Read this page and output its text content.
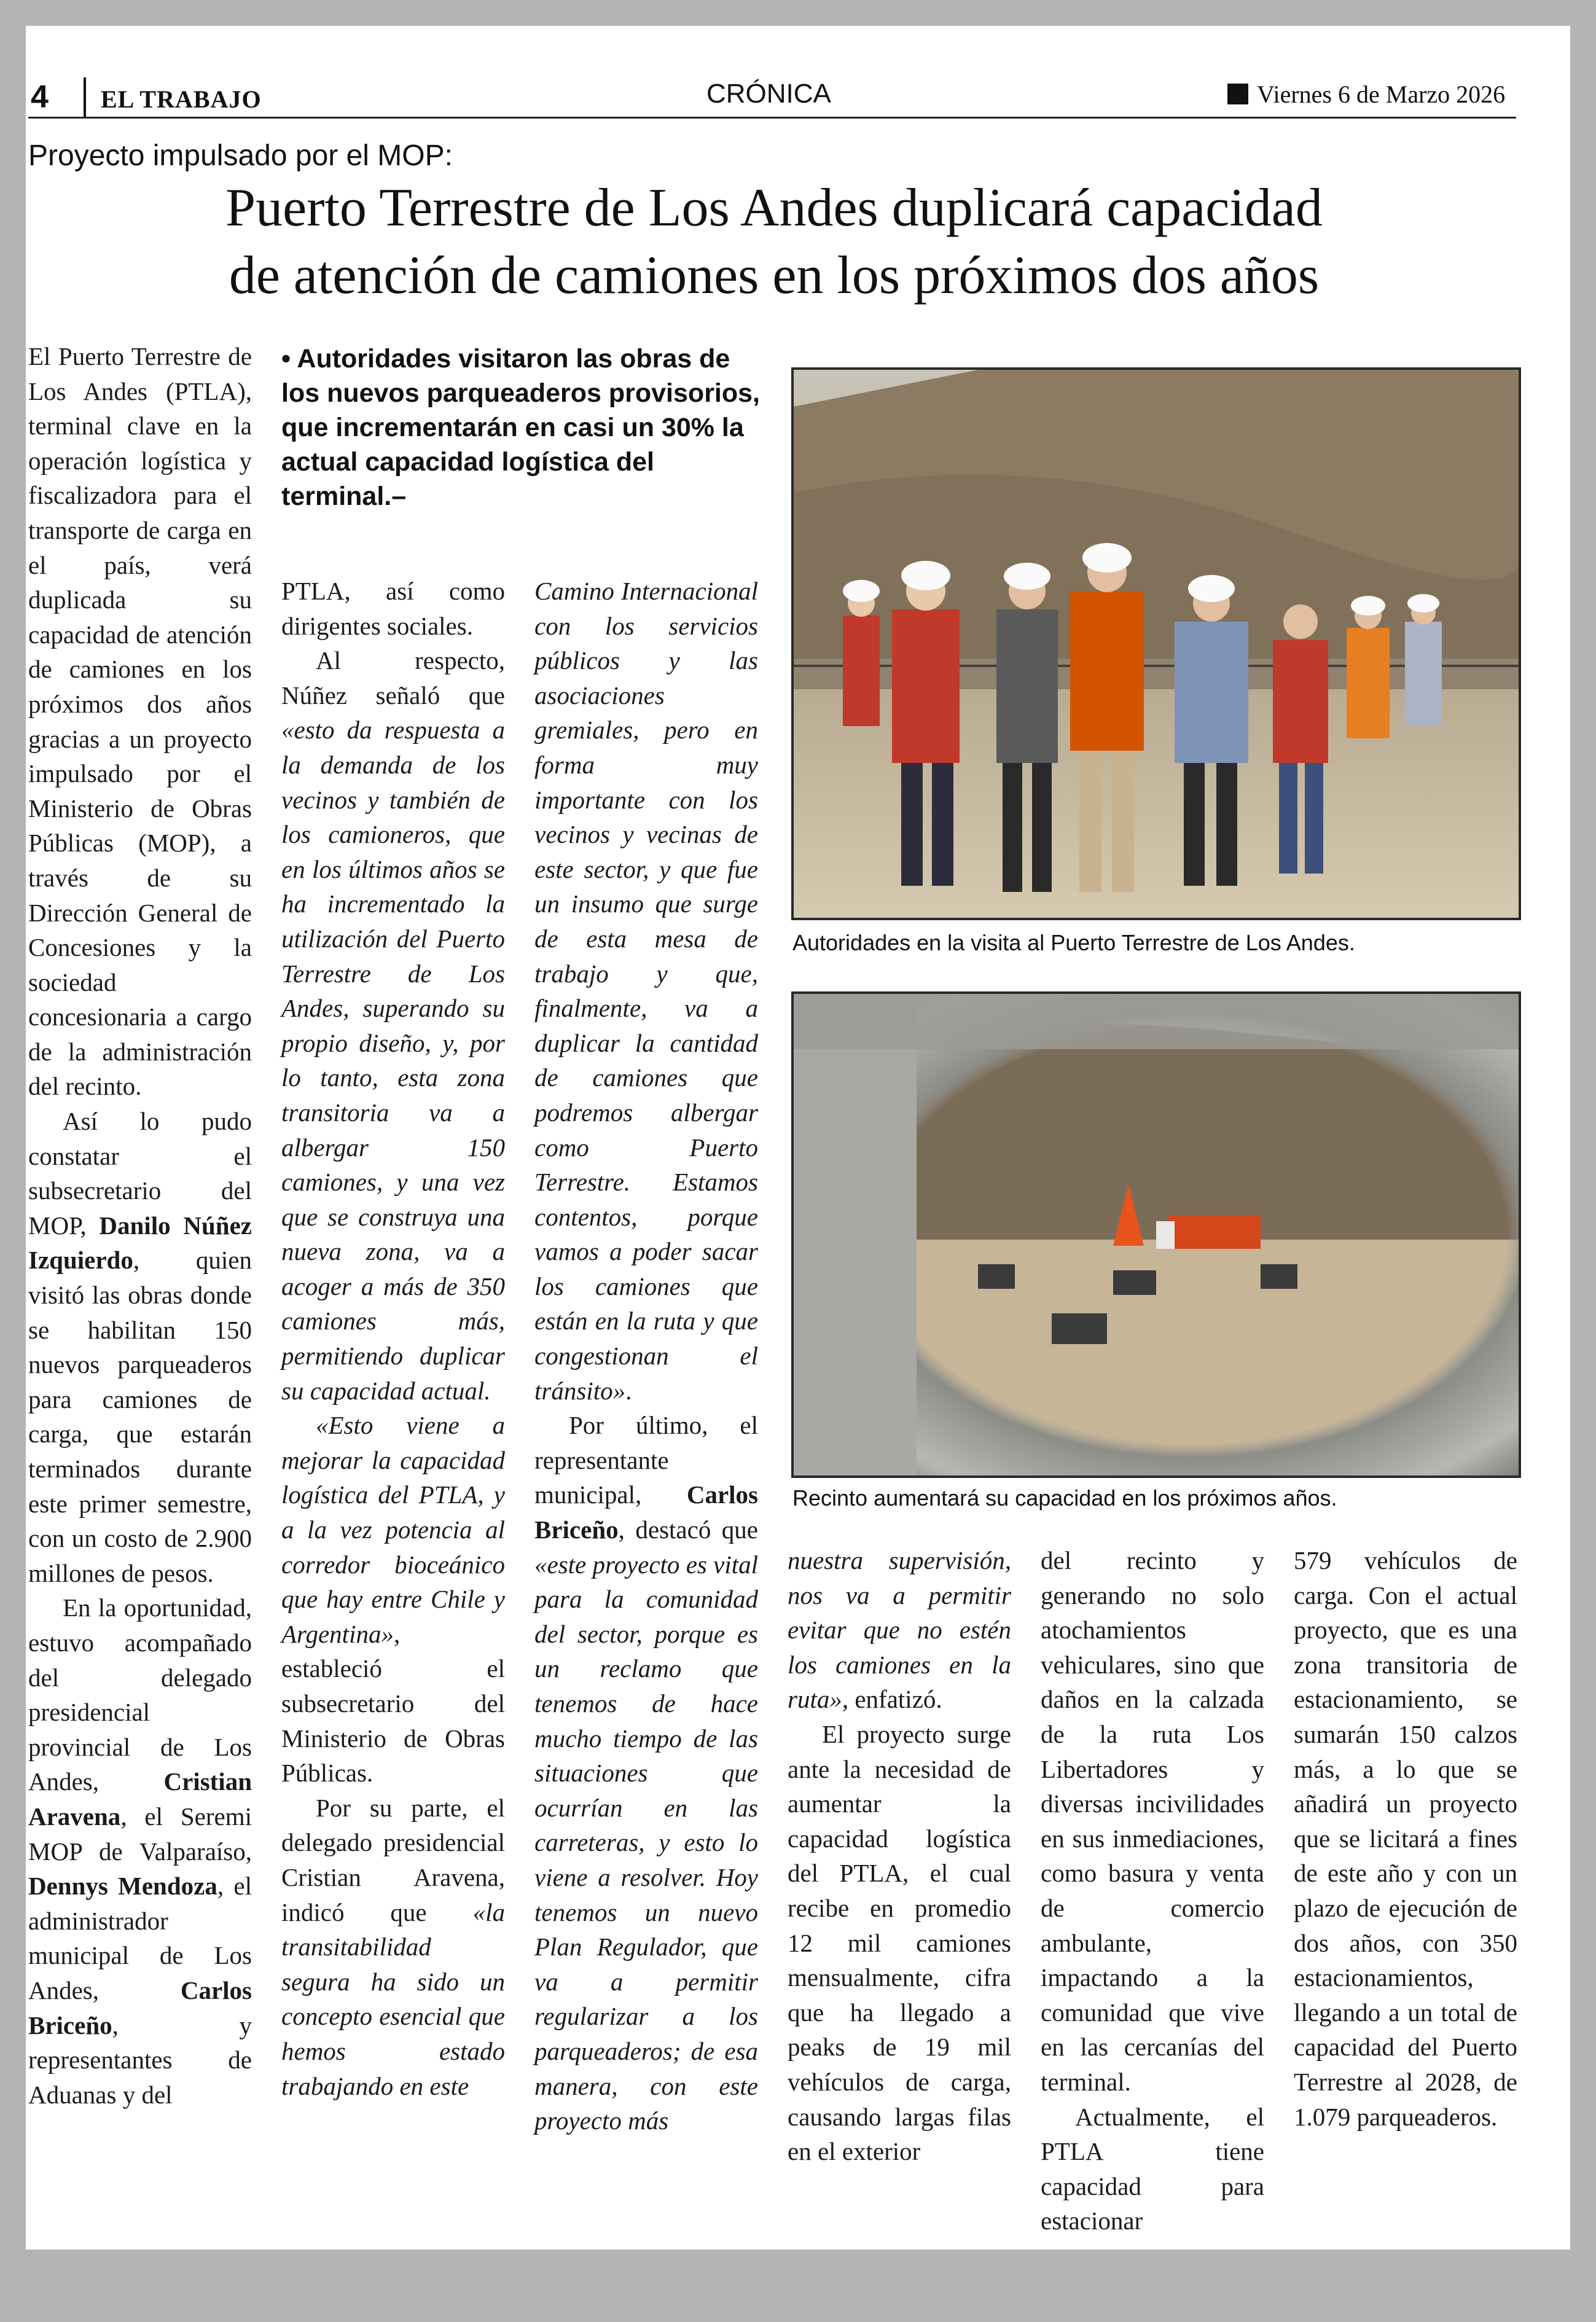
4 EL TRABAJO	CRÓNICA	Viernes 6 de Marzo 2026
Proyecto impulsado por el MOP:
Puerto Terrestre de Los Andes duplicará capacidad
de atención de camiones en los próximos dos años

El Puerto Terrestre de Los Andes (PTLA), terminal clave en la operación logística y fiscalizadora para el transporte de carga en el país, verá duplicada su capacidad de atención de camiones en los próximos dos años gracias a un proyecto impulsado por el Ministerio de Obras Públicas (MOP), a través de su Dirección General de Concesiones y la sociedad concesionaria a cargo de la administración del recinto.

Así lo pudo constatar el subsecretario del MOP, Danilo Núñez Izquierdo, quien visitó las obras donde se habilitan 150 nuevos parqueaderos para camiones de carga, que estarán terminados durante este primer semestre, con un costo de 2.900 millones de pesos.

En la oportunidad, estuvo acompañado del delegado presidencial provincial de Los Andes, Cristian Aravena, el Seremi MOP de Valparaíso, Dennys Mendoza, el administrador municipal de Los Andes, Carlos Briceño, y representantes de Aduanas y del

• Autoridades visitaron las obras de los nuevos parqueaderos provisorios, que incrementarán en casi un 30% la actual capacidad logística del terminal.–

PTLA, así como dirigentes sociales.

Al respecto, Núñez señaló que «esto da respuesta a la demanda de los vecinos y también de los camioneros, que en los últimos años se ha incrementado la utilización del Puerto Terrestre de Los Andes, superando su propio diseño, y, por lo tanto, esta zona transitoria va a albergar 150 camiones, y una vez que se construya una nueva zona, va a acoger a más de 350 camiones más, permitiendo duplicar su capacidad actual.

«Esto viene a mejorar la capacidad logística del PTLA, y a la vez potencia al corredor bioceánico que hay entre Chile y Argentina», estableció el subsecretario del Ministerio de Obras Públicas.

Por su parte, el delegado presidencial Cristian Aravena, indicó que «la transitabilidad segura ha sido un concepto esencial que hemos estado trabajando en este

Camino Internacional con los servicios públicos y las asociaciones gremiales, pero en forma muy importante con los vecinos y vecinas de este sector, y que fue un insumo que surge de esta mesa de trabajo y que, finalmente, va a duplicar la cantidad de camiones que podremos albergar como Puerto Terrestre. Estamos contentos, porque vamos a poder sacar los camiones que están en la ruta y que congestionan el tránsito».

Por último, el representante municipal, Carlos Briceño, destacó que «este proyecto es vital para la comunidad del sector, porque es un reclamo que tenemos de hace mucho tiempo de las situaciones que ocurrían en las carreteras, y esto lo viene a resolver. Hoy tenemos un nuevo Plan Regulador, que va a permitir regularizar a los parqueaderos; de esa manera, con este proyecto más

Autoridades en la visita al Puerto Terrestre de Los Andes.
Recinto aumentará su capacidad en los próximos años.

nuestra supervisión, nos va a permitir evitar que no estén los camiones en la ruta», enfatizó.

El proyecto surge ante la necesidad de aumentar la capacidad logística del PTLA, el cual recibe en promedio 12 mil camiones mensualmente, cifra que ha llegado a peaks de 19 mil vehículos de carga, causando largas filas en el exterior

del recinto y generando no solo atochamientos vehiculares, sino que daños en la calzada de la ruta Los Libertadores y diversas incivilidades en sus inmediaciones, como basura y venta de comercio ambulante, impactando a la comunidad que vive en las cercanías del terminal.

Actualmente, el PTLA tiene capacidad para estacionar

579 vehículos de carga. Con el actual proyecto, que es una zona transitoria de estacionamiento, se sumarán 150 calzos más, a lo que se añadirá un proyecto que se licitará a fines de este año y con un plazo de ejecución de dos años, con 350 estacionamientos, llegando a un total de capacidad del Puerto Terrestre al 2028, de 1.079 parqueaderos.
